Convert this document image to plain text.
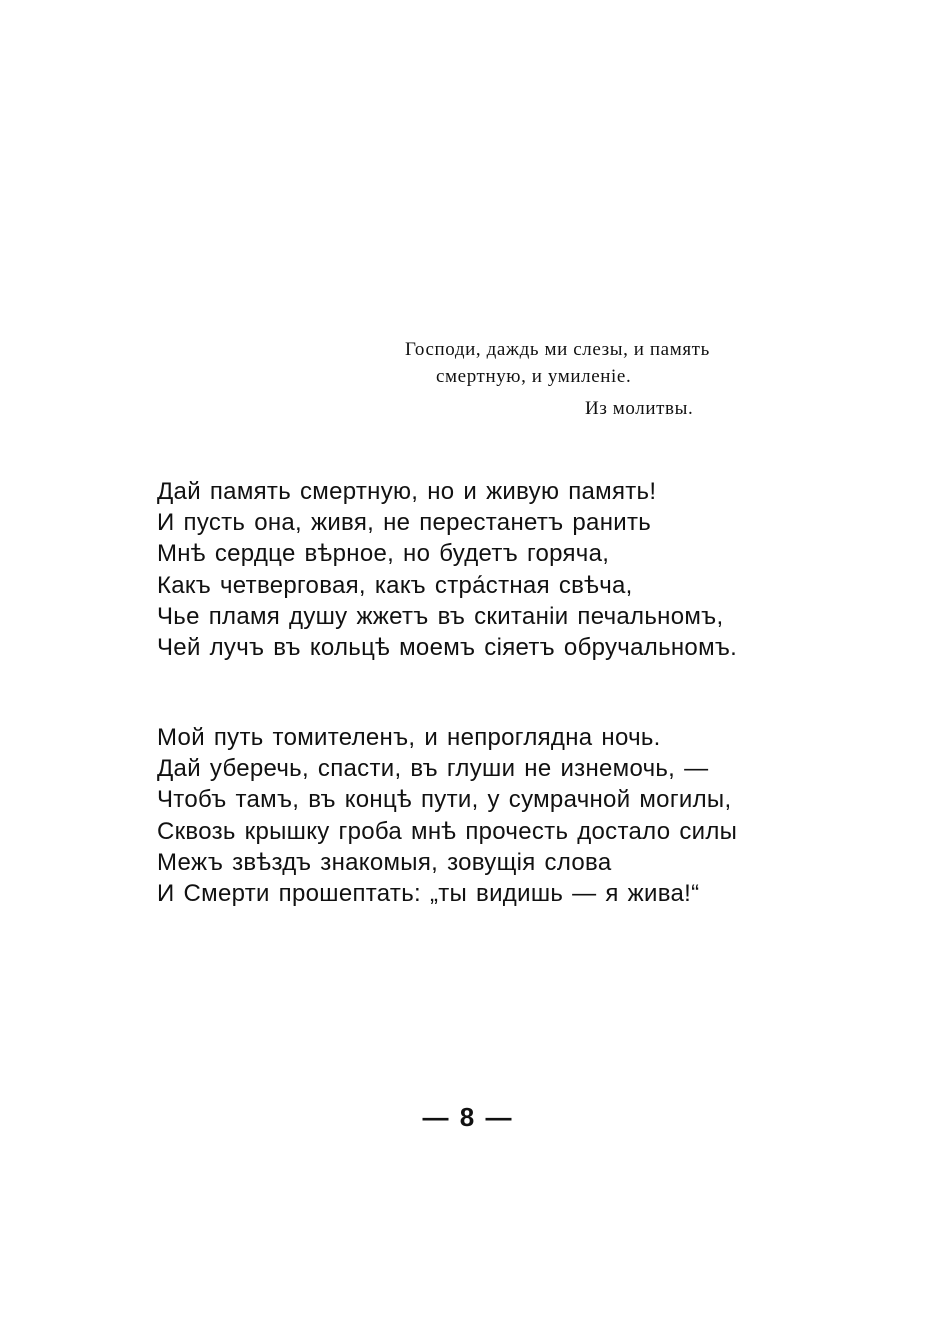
Господи, даждь ми слезы, и память
смертную, и умиленіе.
Из молитвы.
Дай память смертную, но и живую память!
И пусть она, живя, не перестанетъ ранить
Мнѣ сердце вѣрное, но будетъ горяча,
Какъ четверговая, какъ стра́стная свѣча,
Чье пламя душу жжетъ въ скитаніи печальномъ,
Чей лучъ въ кольцѣ моемъ сіяетъ обручальномъ.
Мой путь томителенъ, и непроглядна ночь.
Дай уберечь, спасти, въ глуши не изнемочь, —
Чтобъ тамъ, въ концѣ пути, у сумрачной могилы,
Сквозь крышку гроба мнѣ прочесть достало силы
Межъ звѣздъ знакомыя, зовущія слова
И Смерти прошептать: „ты видишь — я жива!“
— 8 —
